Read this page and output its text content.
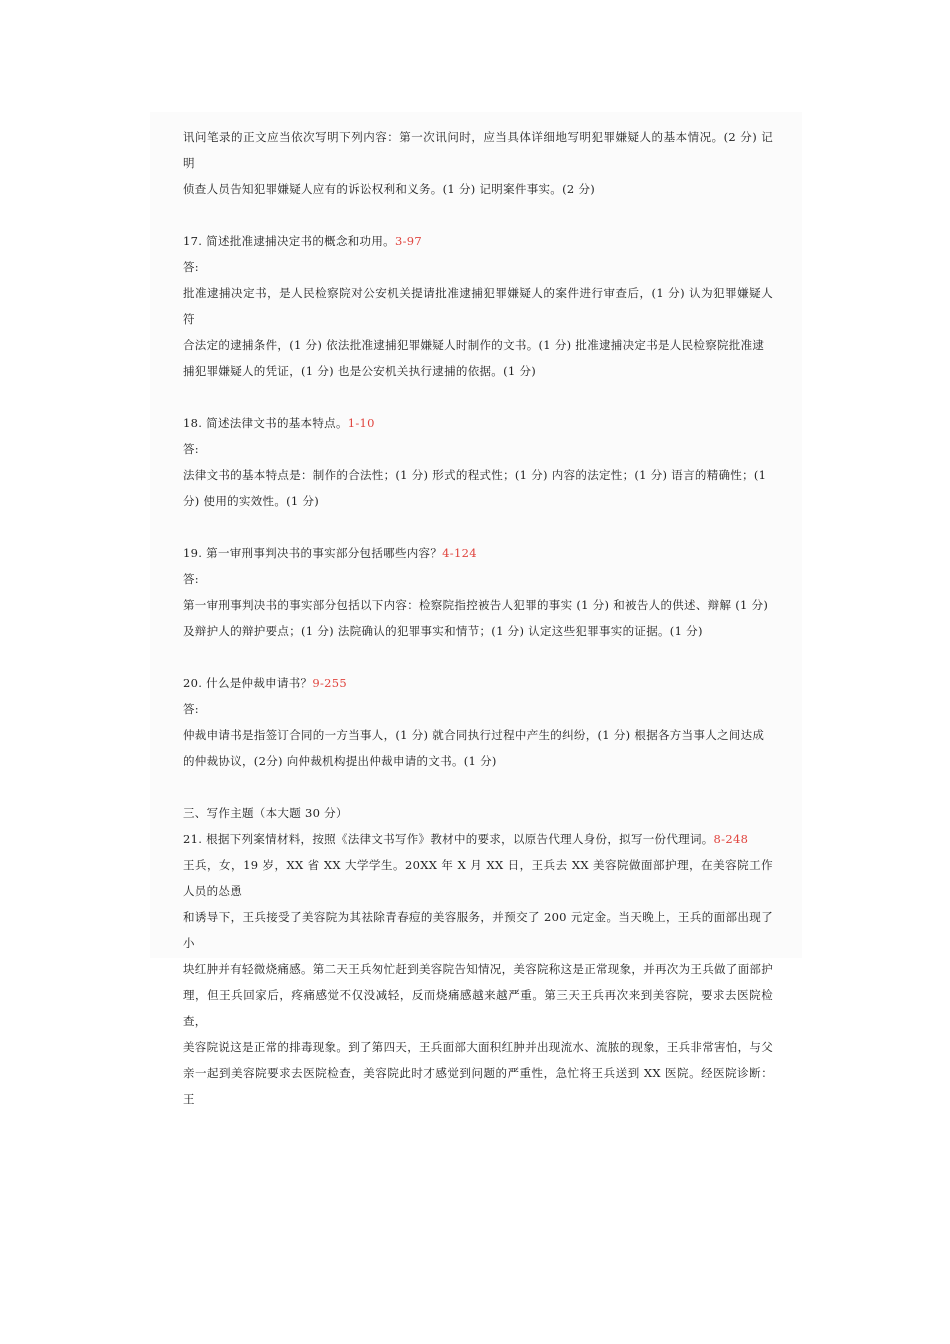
讯问笔录的正文应当依次写明下列内容：第一次讯问时，应当具体详细地写明犯罪嫌疑人的基本情况。(2 分) 记明

侦查人员告知犯罪嫌疑人应有的诉讼权利和义务。(1 分) 记明案件事实。(2 分)

17. 简述批准逮捕决定书的概念和功用。3-97

答:

批准逮捕决定书，是人民检察院对公安机关提请批准逮捕犯罪嫌疑人的案件进行审查后，(1 分) 认为犯罪嫌疑人符

合法定的逮捕条件，(1 分) 依法批准逮捕犯罪嫌疑人时制作的文书。(1 分) 批准逮捕决定书是人民检察院批准逮

捕犯罪嫌疑人的凭证，(1 分) 也是公安机关执行逮捕的依据。(1 分)

18. 简述法律文书的基本特点。1-10

答:

法律文书的基本特点是：制作的合法性；(1 分) 形式的程式性；(1 分) 内容的法定性；(1 分) 语言的精确性；(1

分) 使用的实效性。(1 分)

19. 第一审刑事判决书的事实部分包括哪些内容？4-124

答:

第一审刑事判决书的事实部分包括以下内容：检察院指控被告人犯罪的事实 (1 分) 和被告人的供述、辩解 (1 分)

及辩护人的辩护要点；(1 分) 法院确认的犯罪事实和情节；(1 分) 认定这些犯罪事实的证据。(1 分)

20. 什么是仲裁申请书？9-255

答:

仲裁申请书是指签订合同的一方当事人，(1 分) 就合同执行过程中产生的纠纷，(1 分) 根据各方当事人之间达成

的仲裁协议，(2分) 向仲裁机构提出仲裁申请的文书。(1 分)

三、写作主题（本大题 30 分）

21. 根据下列案情材料，按照《法律文书写作》教材中的要求，以原告代理人身份，拟写一份代理词。8-248

王兵，女，19 岁，XX 省 XX 大学学生。20XX 年 X 月 XX 日，王兵去 XX 美容院做面部护理，在美容院工作人员的怂恿

和诱导下，王兵接受了美容院为其祛除青春痘的美容服务，并预交了 200 元定金。当天晚上，王兵的面部出现了小

块红肿并有轻微烧痛感。第二天王兵匆忙赶到美容院告知情况，美容院称这是正常现象，并再次为王兵做了面部护

理，但王兵回家后，疼痛感觉不仅没减轻，反而烧痛感越来越严重。第三天王兵再次来到美容院，要求去医院检查，

美容院说这是正常的排毒现象。到了第四天，王兵面部大面积红肿并出现流水、流脓的现象，王兵非常害怕，与父

亲一起到美容院要求去医院检查，美容院此时才感觉到问题的严重性，急忙将王兵送到 XX 医院。经医院诊断：王
